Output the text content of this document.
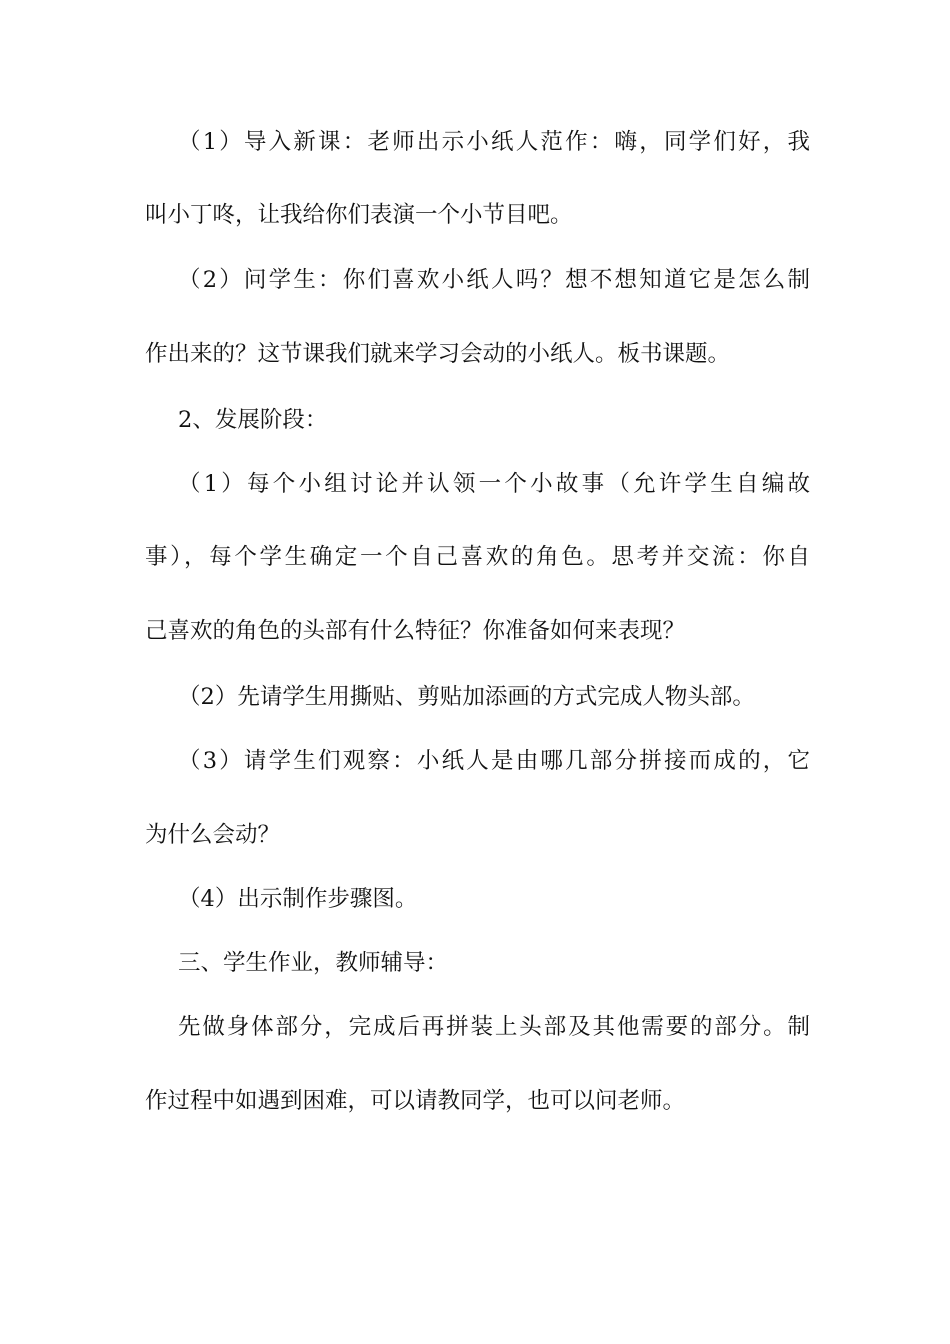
（1）导入新课：老师出示小纸人范作：嗨，同学们好，我
叫小丁咚，让我给你们表演一个小节目吧。
（2）问学生：你们喜欢小纸人吗？想不想知道它是怎么制
作出来的？这节课我们就来学习会动的小纸人。板书课题。
2、发展阶段：
（1）每个小组讨论并认领一个小故事（允许学生自编故
事），每个学生确定一个自己喜欢的角色。思考并交流：你自
己喜欢的角色的头部有什么特征？你准备如何来表现？
（2）先请学生用撕贴、剪贴加添画的方式完成人物头部。
（3）请学生们观察：小纸人是由哪几部分拼接而成的，它
为什么会动？
（4）出示制作步骤图。
三、学生作业，教师辅导：
先做身体部分，完成后再拼装上头部及其他需要的部分。制
作过程中如遇到困难，可以请教同学，也可以问老师。
